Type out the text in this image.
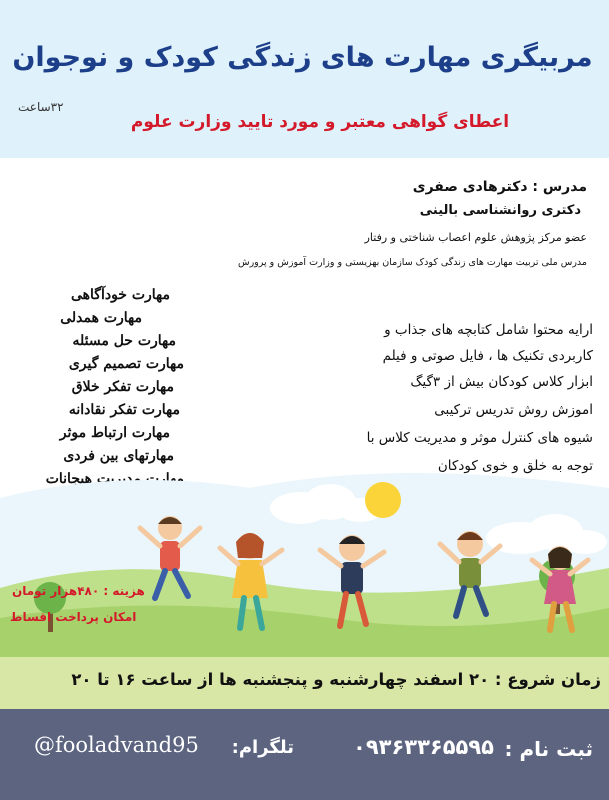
مربیگری مهارت های زندگی کودک و نوجوان
۳۲ساعت
اعطای گواهی معتبر و مورد تایید وزارت علوم
مدرس : دکترهادی صفری
دکتری روانشناسی بالینی
عضو مرکز پژوهش علوم اعصاب شناختی و رفتار
مدرس ملی تربیت مهارت های زندگی کودک سازمان بهزیستی و وزارت آموزش و پرورش
مهارت خودآگاهی
مهارت همدلی
مهارت حل مسئله
مهارت تصمیم گیری
مهارت تفکر خلاق
مهارت تفکر نقادانه
مهارت ارتباط موثر
مهارتهای بین فردی
مهارت مدیریت هیجانات
ارایه محتوا شامل کتابچه های جذاب و
کاربردی تکنیک ها ، فایل صوتی و فیلم
ابزار کلاس کودکان بیش از ۳گیگ
اموزش روش تدریس ترکیبی
شیوه های کنترل موثر و مدیریت کلاس با
توجه به خلق و خوی کودکان
هزینه : ۴۸۰هزار تومان
امکان پرداخت اقساط
زمان شروع : ۲۰ اسفند چهارشنبه و پنجشنبه ها از ساعت ۱۶ تا ۲۰
ثبت نام :
۰۹۳۶۳۳۶۵۵۹۵
تلگرام:
@fooladvand95
